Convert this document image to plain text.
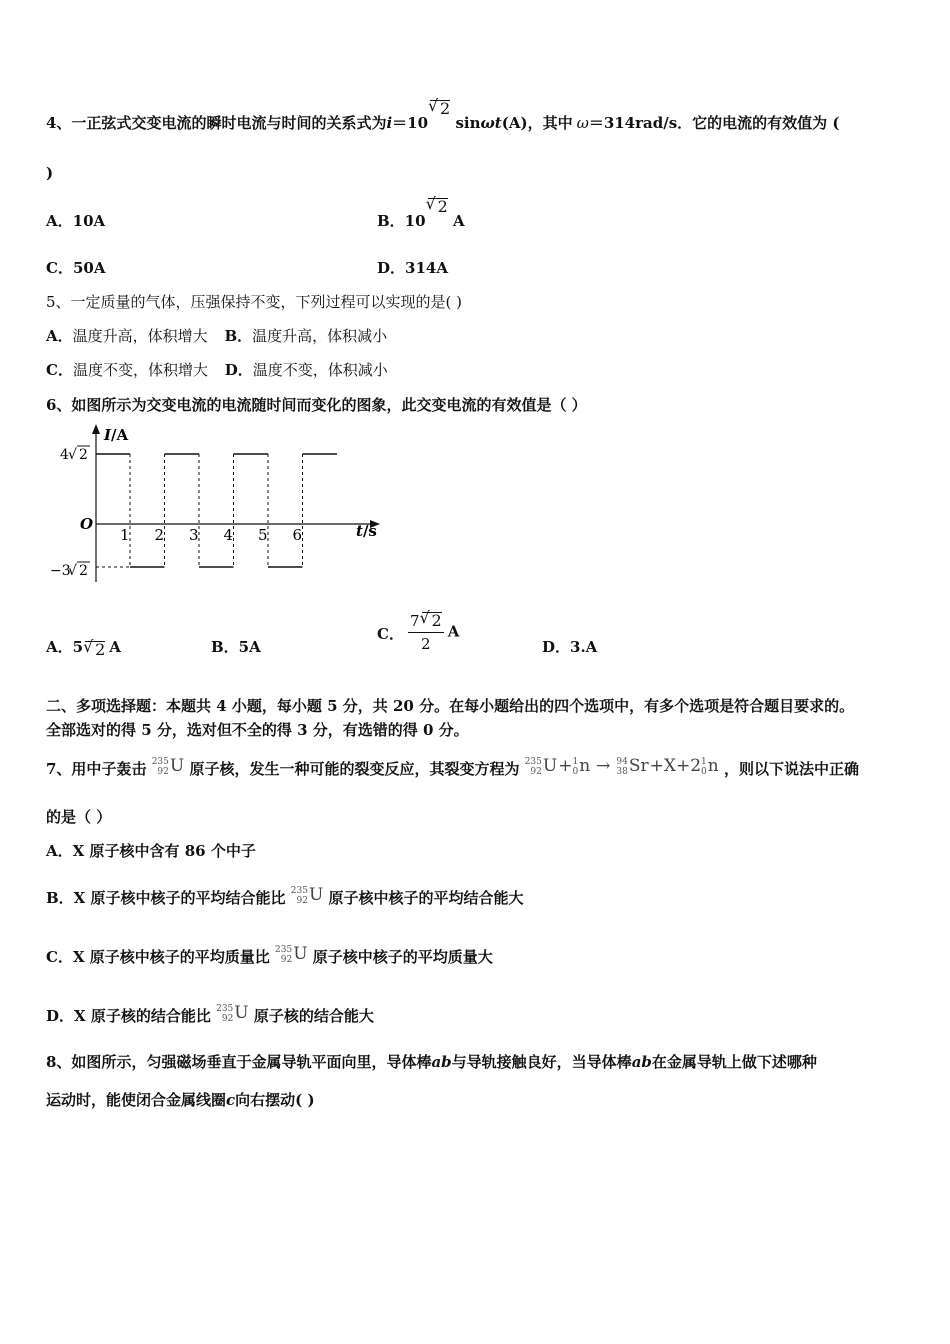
4、一正弦式交变电流的瞬时电流与时间的关系式为i＝10√ 2 sinωt(A)，其中 ω＝314rad/s．它的电流的有效值为 (
)
A．10A	B．10√ 2 A
C．50A	D．314A
5、一定质量的气体，压强保持不变，下列过程可以实现的是( )
A．温度升高，体积增大 B．温度升高，体积减小
C．温度不变，体积增大 D．温度不变，体积减小
6、如图所示为交变电流的电流随时间而变化的图象，此交变电流的有效值是（ ）
I/A
t/s
O
4 √ 2
−3
√ 2
1 2 3 4 5 6
A．5 √ 2 A	B．5A
C． $\frac{7 √ 2}{2}$ A
D．3.A
二、多项选择题：本题共 4 小题，每小题 5 分，共 20 分。在每小题给出的四个选项中，有多个选项是符合题目要求的。
全部选对的得 5 分，选对但不全的得 3 分，有选错的得 0 分。
7、用中子轰击 235
92 U 原子核，发生一种可能的裂变反应，其裂变方程为 235
92 U + 1
0 n → 94
38 Sr +X+2 1
0 n ，则以下说法中正确
的是（ ）
A．X 原子核中含有 86 个中子
B．X 原子核中核子的平均结合能比 235
92 U 原子核中核子的平均结合能大
C．X 原子核中核子的平均质量比 235
92 U 原子核中核子的平均质量大
D．X 原子核的结合能比 235
92 U 原子核的结合能大
8、如图所示，匀强磁场垂直于金属导轨平面向里，导体棒ab与导轨接触良好，当导体棒ab在金属导轨上做下述哪种
运动时，能使闭合金属线圈c向右摆动( )
